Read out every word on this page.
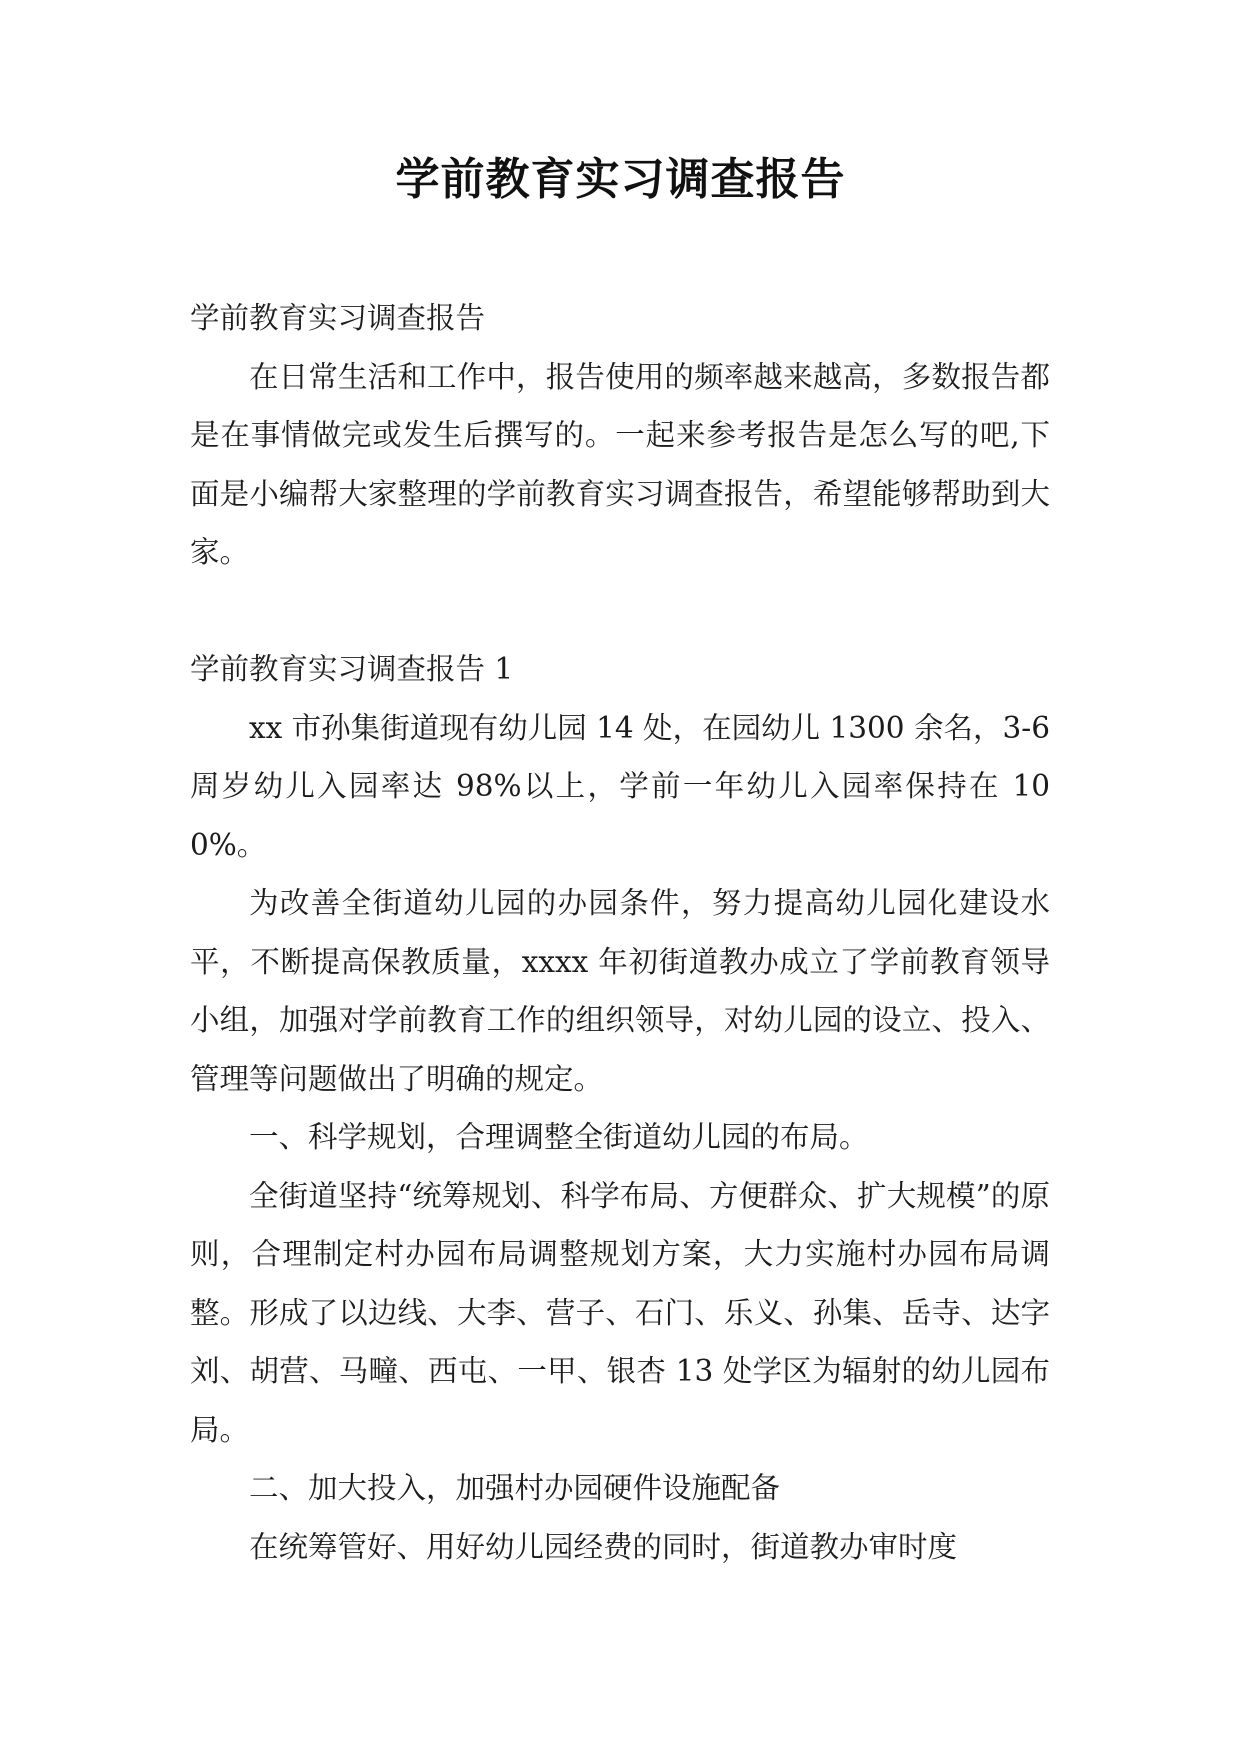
学前教育实习调查报告

学前教育实习调查报告

在日常生活和工作中，报告使用的频率越来越高，多数报告都是在事情做完或发生后撰写的。一起来参考报告是怎么写的吧,下面是小编帮大家整理的学前教育实习调查报告，希望能够帮助到大家。

学前教育实习调查报告 1

xx 市孙集街道现有幼儿园 14 处，在园幼儿 1300 余名，3-6 周岁幼儿入园率达 98%以上，学前一年幼儿入园率保持在 100%。

为改善全街道幼儿园的办园条件，努力提高幼儿园化建设水平，不断提高保教质量，xxxx 年初街道教办成立了学前教育领导小组，加强对学前教育工作的组织领导，对幼儿园的设立、投入、管理等问题做出了明确的规定。

一、科学规划，合理调整全街道幼儿园的布局。

全街道坚持“统筹规划、科学布局、方便群众、扩大规模”的原则，合理制定村办园布局调整规划方案，大力实施村办园布局调整。形成了以边线、大李、营子、石门、乐义、孙集、岳寺、达字刘、胡营、马疃、西屯、一甲、银杏 13 处学区为辐射的幼儿园布局。

二、加大投入，加强村办园硬件设施配备

在统筹管好、用好幼儿园经费的同时，街道教办审时度
